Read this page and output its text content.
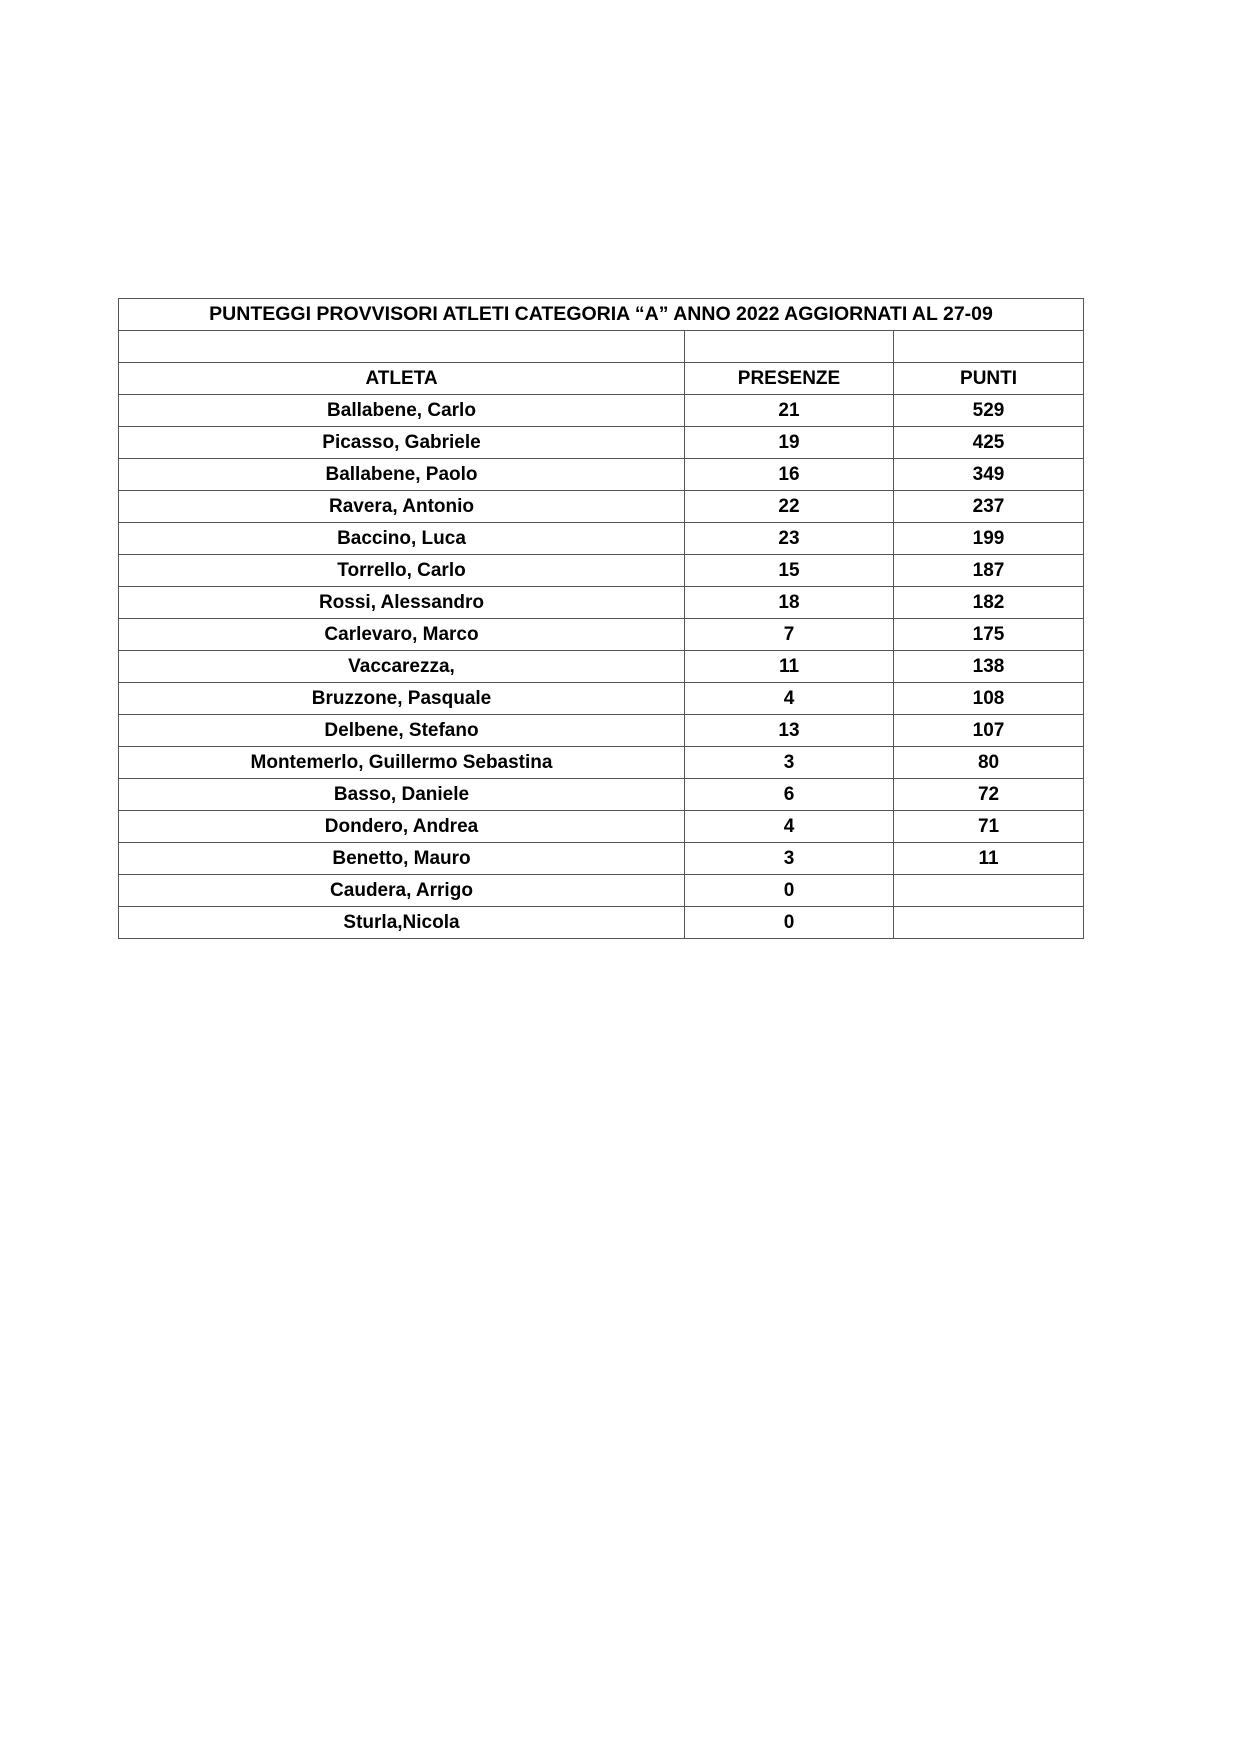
PUNTEGGI PROVVISORI ATLETI CATEGORIA “A” ANNO 2022 AGGIORNATI AL 27-09		

ATLETA	PRESENZE	PUNTI
Ballabene, Carlo	21	529
Picasso, Gabriele	19	425
Ballabene, Paolo	16	349
Ravera, Antonio	22	237
Baccino, Luca	23	199
Torrello, Carlo	15	187
Rossi, Alessandro	18	182
Carlevaro, Marco	7	175
Vaccarezza,	11	138
Bruzzone, Pasquale	4	108
Delbene, Stefano	13	107
Montemerlo, Guillermo Sebastina	3	80
Basso, Daniele	6	72
Dondero, Andrea	4	71
Benetto, Mauro	3	11
Caudera, Arrigo	0	
Sturla,Nicola	0	
